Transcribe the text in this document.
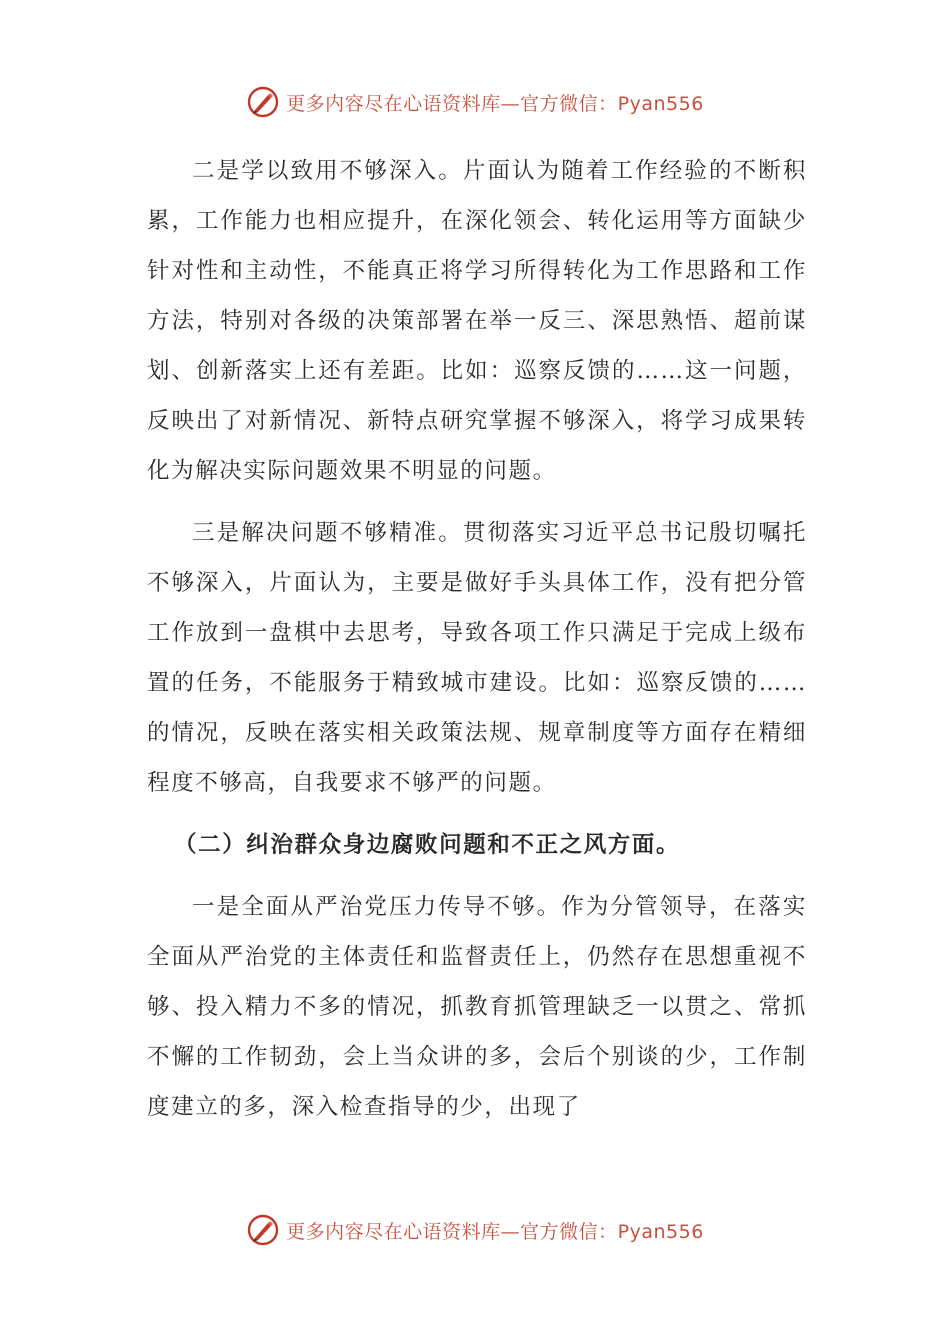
更多内容尽在心语资料库—官方微信：Pyan556

二是学以致用不够深入。片面认为随着工作经验的不断积累，工作能力也相应提升，在深化领会、转化运用等方面缺少针对性和主动性，不能真正将学习所得转化为工作思路和工作方法，特别对各级的决策部署在举一反三、深思熟悟、超前谋划、创新落实上还有差距。比如：巡察反馈的……这一问题，反映出了对新情况、新特点研究掌握不够深入，将学习成果转化为解决实际问题效果不明显的问题。

三是解决问题不够精准。贯彻落实习近平总书记殷切嘱托不够深入，片面认为，主要是做好手头具体工作，没有把分管工作放到一盘棋中去思考，导致各项工作只满足于完成上级布置的任务，不能服务于精致城市建设。比如：巡察反馈的……的情况，反映在落实相关政策法规、规章制度等方面存在精细程度不够高，自我要求不够严的问题。

（二）纠治群众身边腐败问题和不正之风方面。

一是全面从严治党压力传导不够。作为分管领导，在落实全面从严治党的主体责任和监督责任上，仍然存在思想重视不够、投入精力不多的情况，抓教育抓管理缺乏一以贯之、常抓不懈的工作韧劲，会上当众讲的多，会后个别谈的少，工作制度建立的多，深入检查指导的少，出现了

更多内容尽在心语资料库—官方微信：Pyan556
